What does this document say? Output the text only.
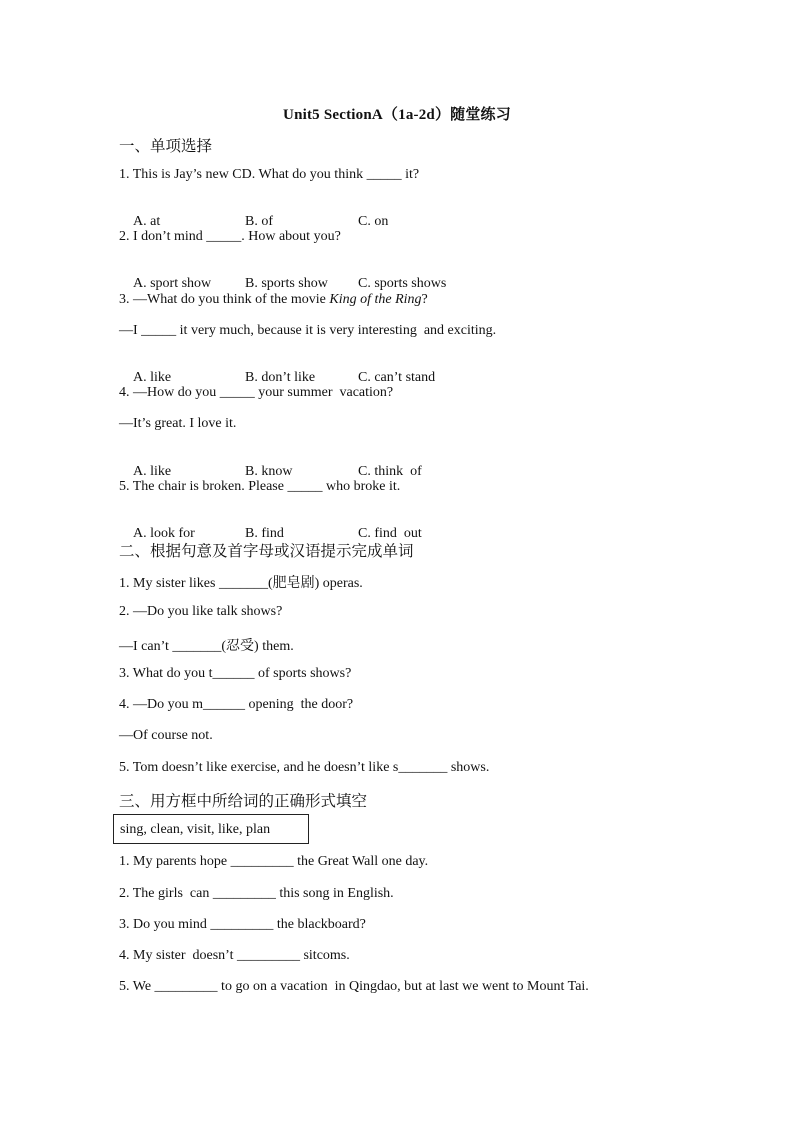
Unit5 SectionA（1a-2d）随堂练习
一、单项选择
1. This is Jay’s new CD. What do you think _____ it?

A. at	B. of	C. on

2. I don’t mind _____. How about you?

A. sport show B. sports show C. sports shows

3. —What do you think of the movie King of the Ring?
—I _____ it very much, because it is very interesting  and exciting.

A. like	B. don’t like	C. can’t stand

4. —How do you _____ your summer  vacation?
—It’s great. I love it.

A. like	B. know	C. think  of

5. The chair is broken. Please _____ who broke it.

A. look for	B. find	C. find  out

二、根据句意及首字母或汉语提示完成单词
1. My sister likes _______(肥皂剧) operas.
2. —Do you like talk shows?
—I can’t _______(忍受) them.
3. What do you t______ of sports shows?
4. —Do you m______ opening  the door?
—Of course not.
5. Tom doesn’t like exercise, and he doesn’t like s_______ shows.
三、用方框中所给词的正确形式填空
sing, clean, visit, like, plan
1. My parents hope _________ the Great Wall one day.
2. The girls  can _________ this song in English.
3. Do you mind _________ the blackboard?
4. My sister  doesn’t _________ sitcoms.
5. We _________ to go on a vacation  in Qingdao, but at last we went to Mount Tai.
